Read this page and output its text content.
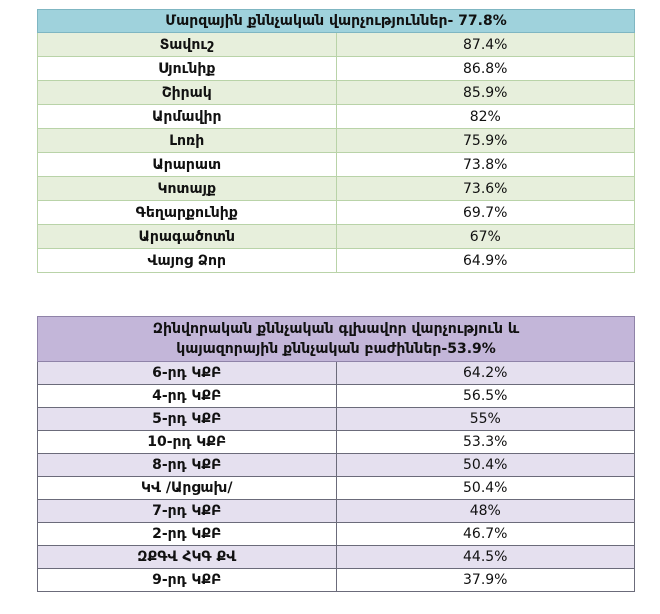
Մարզային քննչական վարչություններ- 77.8%	
Տավուշ	87.4%
Սյունիք	86.8%
Շիրակ	85.9%
Արմավիր	82%
Լոռի	75.9%
Արարատ	73.8%
Կոտայք	73.6%
Գեղարքունիք	69.7%
Արագածոտն	67%
Վայոց Ձոր	64.9%
Զինվորական քննչական գլխավոր վարչություն և
կայազորային քննչական բաժիններ-53.9%	
6-րդ ԿՔԲ	64.2%
4-րդ ԿՔԲ	56.5%
5-րդ ԿՔԲ	55%
10-րդ ԿՔԲ	53.3%
8-րդ ԿՔԲ	50.4%
ԿՎ /Արցախ/	50.4%
7-րդ ԿՔԲ	48%
2-րդ ԿՔԲ	46.7%
ԶՔԳՎ ՀԿԳ ՔՎ	44.5%
9-րդ ԿՔԲ	37.9%
